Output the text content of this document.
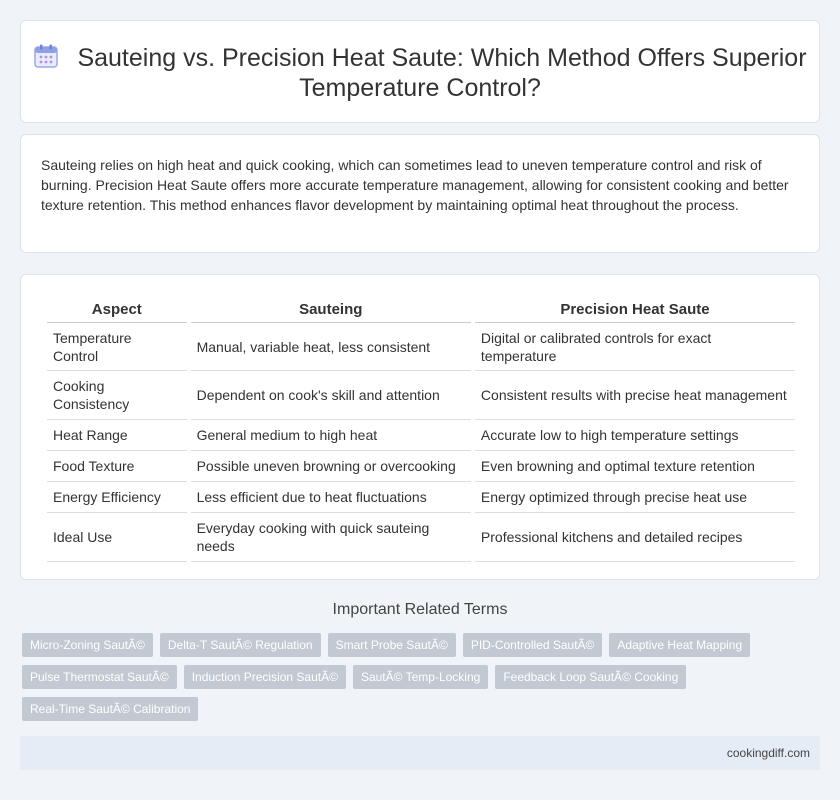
Sauteing vs. Precision Heat Saute: Which Method Offers Superior Temperature Control?

Sauteing relies on high heat and quick cooking, which can sometimes lead to uneven temperature control and risk of burning. Precision Heat Saute offers more accurate temperature management, allowing for consistent cooking and better texture retention. This method enhances flavor development by maintaining optimal heat throughout the process.

Aspect	Sauteing	Precision Heat Saute
Temperature Control	Manual, variable heat, less consistent	Digital or calibrated controls for exact temperature
Cooking Consistency	Dependent on cook's skill and attention	Consistent results with precise heat management
Heat Range	General medium to high heat	Accurate low to high temperature settings
Food Texture	Possible uneven browning or overcooking	Even browning and optimal texture retention
Energy Efficiency	Less efficient due to heat fluctuations	Energy optimized through precise heat use
Ideal Use	Everyday cooking with quick sauteing needs	Professional kitchens and detailed recipes
Important Related Terms
Micro-Zoning SautÃ©	Delta-T SautÃ© Regulation	Smart Probe SautÃ©	PID-Controlled SautÃ©	Adaptive Heat Mapping
Pulse Thermostat SautÃ©	Induction Precision SautÃ©	SautÃ© Temp-Locking	Feedback Loop SautÃ© Cooking
Real-Time SautÃ© Calibration
cookingdiff.com
